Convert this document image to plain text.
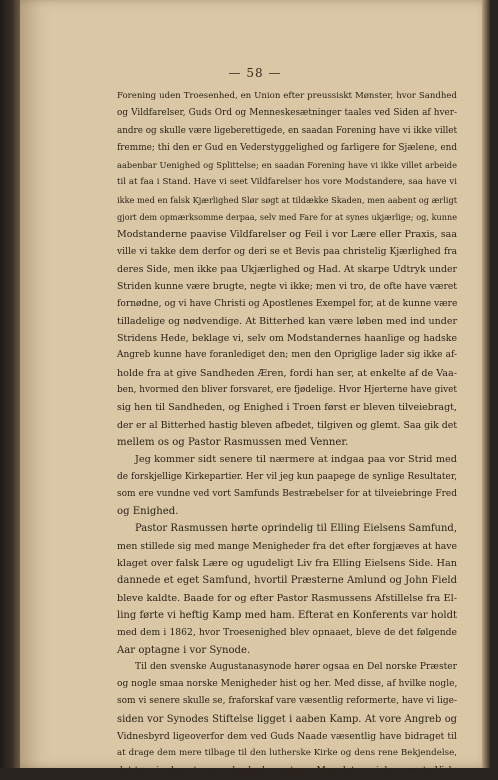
— 58 —
Forening uden Troesenhed, en Union efter preussiskt Mønster, hvor Sandhed
og Vildfarelser, Guds Ord og Menneskesætninger taales ved Siden af hver-
andre og skulle være ligeberettigede, en saadan Forening have vi ikke villet
fremme; thi den er Gud en Vederstyggelighed og farligere for Sjælene, end
aabenbar Uenighed og Splittelse; en saadan Forening have vi ikke villet arbeide
til at faa i Stand. Have vi seet Vildfarelser hos vore Modstandere, saa have vi
ikke med en falsk Kjærlighed Slør søgt at tildække Skaden, men aabent og ærligt
gjort dem opmærksomme derpaa, selv med Fare for at synes ukjærlige; og, kunne
Modstanderne paavise Vildfarelser og Feil i vor Lære eller Praxis, saa
ville vi takke dem derfor og deri se et Bevis paa christelig Kjærlighed fra
deres Side, men ikke paa Ukjærlighed og Had. At skarpe Udtryk under
Striden kunne være brugte, negte vi ikke; men vi tro, de ofte have været
fornødne, og vi have Christi og Apostlenes Exempel for, at de kunne være
tilladelige og nødvendige. At Bitterhed kan være løben med ind under
Stridens Hede, beklage vi, selv om Modstandernes haanlige og hadske
Angreb kunne have foranlediget den; men den Opriglige lader sig ikke af-
holde fra at give Sandheden Æren, fordi han ser, at enkelte af de Vaa-
ben, hvormed den bliver forsvaret, ere fjødelige. Hvor Hjerterne have givet
sig hen til Sandheden, og Enighed i Troen først er bleven tilveiebragt,
der er al Bitterhed hastig bleven afbedet, tilgiven og glemt. Saa gik det
mellem os og Pastor Rasmussen med Venner.
Jeg kommer sidt senere til nærmere at indgaa paa vor Strid med
de forskjellige Kirkepartier. Her vil jeg kun paapege de synlige Resultater,
som ere vundne ved vort Samfunds Bestræbelser for at tilveiebringe Fred
og Enighed.
Pastor Rasmussen hørte oprindelig til Elling Eielsens Samfund,
men stillede sig med mange Menigheder fra det efter forgjæves at have
klaget over falsk Lære og ugudeligt Liv fra Elling Eielsens Side. Han
dannede et eget Samfund, hvortil Præsterne Amlund og John Field
bleve kaldte. Baade for og efter Pastor Rasmussens Afstillelse fra El-
ling førte vi heftig Kamp med ham. Efterat en Konferents var holdt
med dem i 1862, hvor Troesenighed blev opnaaet, bleve de det følgende
Aar optagne i vor Synode.
Til den svenske Augustanasynode hører ogsaa en Del norske Præster
og nogle smaa norske Menigheder hist og her. Med disse, af hvilke nogle,
som vi senere skulle se, fraforskaf vare væsentlig reformerte, have vi lige-
siden vor Synodes Stiftelse ligget i aaben Kamp. At vore Angreb og
Vidnesbyrd ligeoverfor dem ved Guds Naade væsentlig have bidraget til
at drage dem mere tilbage til den lutherske Kirke og dens rene Bekjendelse,
det tør vi uden at være ubeskedne antage. Men det er ej den eneste Virk-
